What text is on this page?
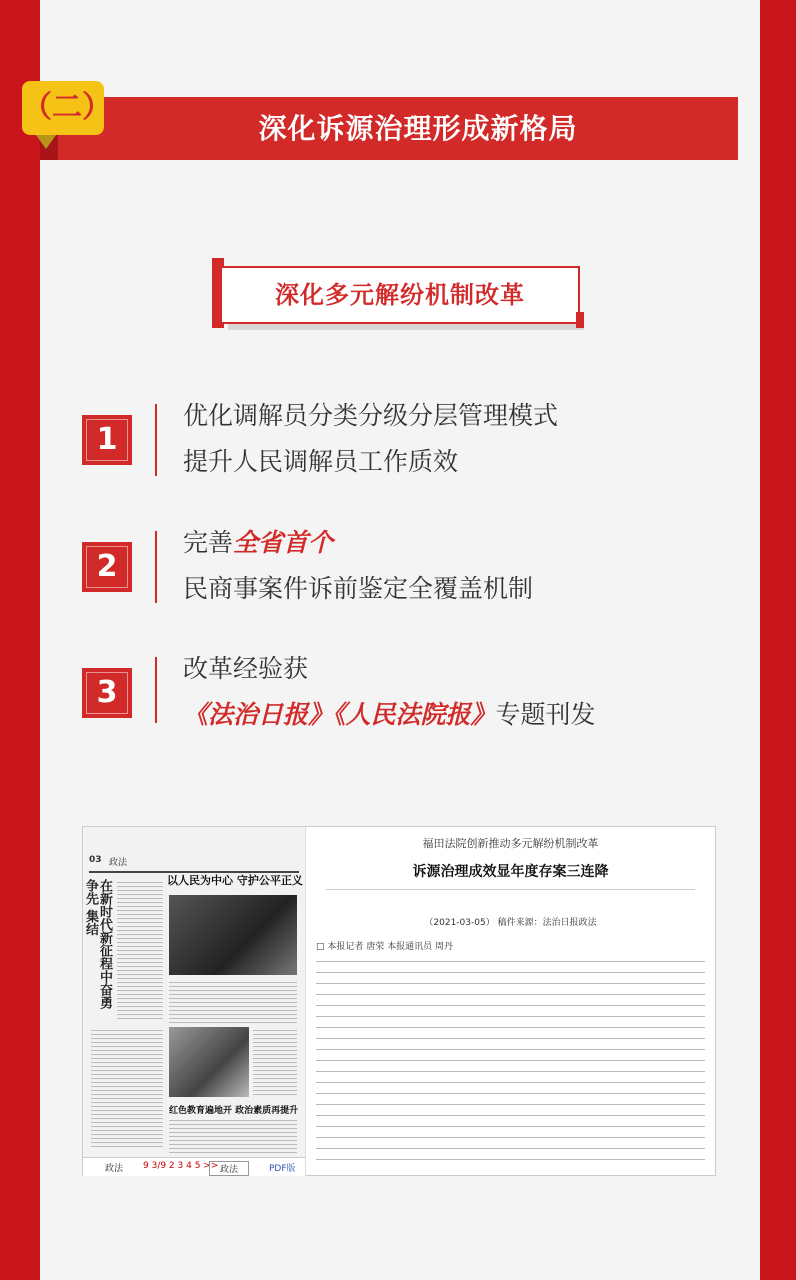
深化诉源治理形成新格局
（二）
深化多元解纷机制改革
1
优化调解员分类分级分层管理模式
提升人民调解员工作质效
2
完善全省首个
民商事案件诉前鉴定全覆盖机制
3
改革经验获
《法治日报》《人民法院报》专题刊发
03 政法
在新时代新征程中奋勇争先 集结	以人民为中心 守护公平正义
红色教育遍地开 政治素质再提升
政法 9 3/9 2 3 4 5 >> 政法	PDF版
福田法院创新推动多元解纷机制改革
诉源治理成效显年度存案三连降
（2021-03-05） 稿件来源：法治日报政法
□ 本报记者 唐荣 本报通讯员 周丹
